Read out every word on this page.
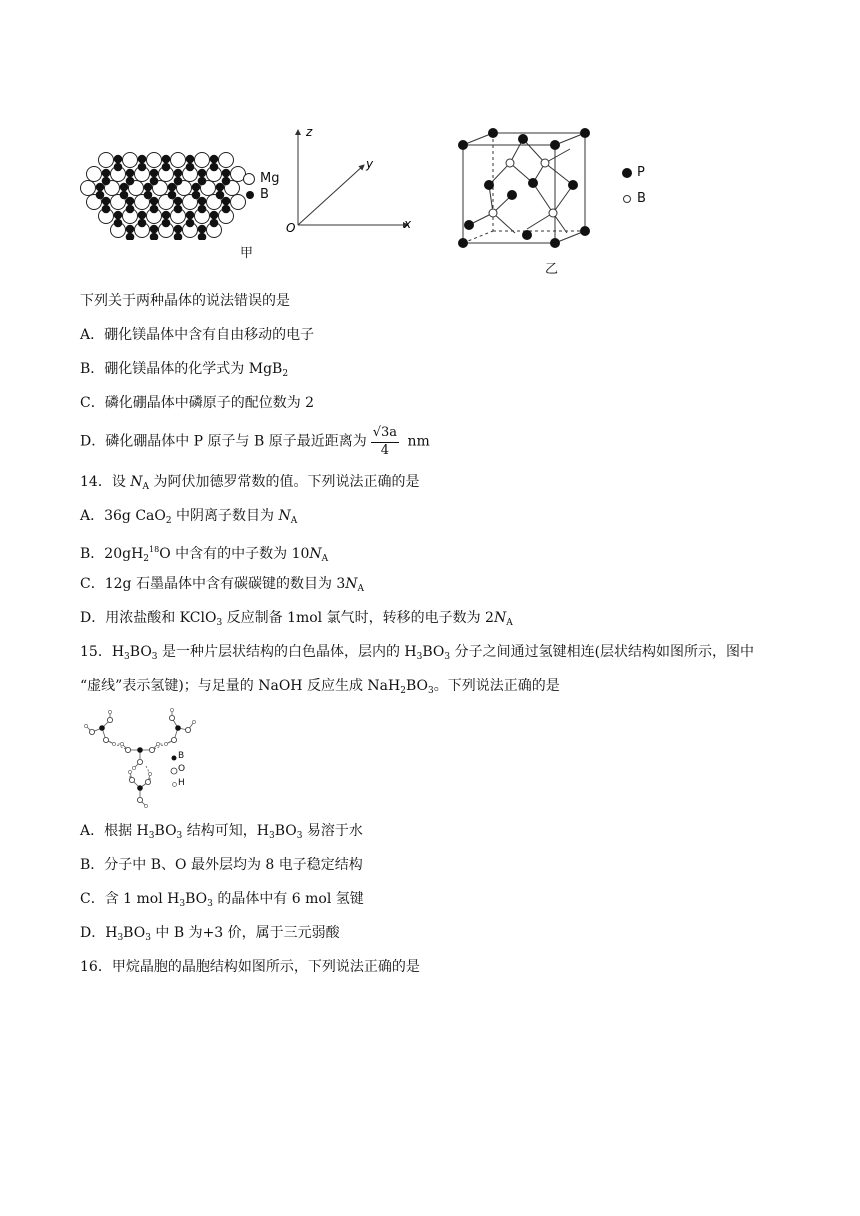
Mg
B
甲
z
y
x
O
P
B
乙
下列关于两种晶体的说法错误的是
A．硼化镁晶体中含有自由移动的电子
B．硼化镁晶体的化学式为 MgB$_2$
C．磷化硼晶体中磷原子的配位数为 2
D．磷化硼晶体中 P 原子与 B 原子最近距离为 $\frac{√3a}{4}$ nm
14．设 $N_A$ 为阿伏加德罗常数的值。下列说法正确的是
A．36g CaO$_2$ 中阴离子数目为 $N_A$
B．$20gH_2^{18}O$ 中含有的中子数为 $10N_A$
C．12g 石墨晶体中含有碳碳键的数目为 $3N_A$
D．用浓盐酸和 KClO$_3$ 反应制备 1mol 氯气时，转移的电子数为 $2N_A$
15．$H_3BO_3$ 是一种片层状结构的白色晶体，层内的 $H_3BO_3$ 分子之间通过氢键相连(层状结构如图所示，图中
“虚线”表示氢键)；与足量的 NaOH 反应生成 $NaH_2BO_3$。下列说法正确的是
B
O
H
A．根据 $H_3BO_3$ 结构可知，$H_3BO_3$ 易溶于水
B．分子中 B、O 最外层均为 8 电子稳定结构
C．含 1 mol $H_3BO_3$ 的晶体中有 6 mol 氢键
D．$H_3BO_3$ 中 B 为+3 价，属于三元弱酸
16．甲烷晶胞的晶胞结构如图所示，下列说法正确的是
